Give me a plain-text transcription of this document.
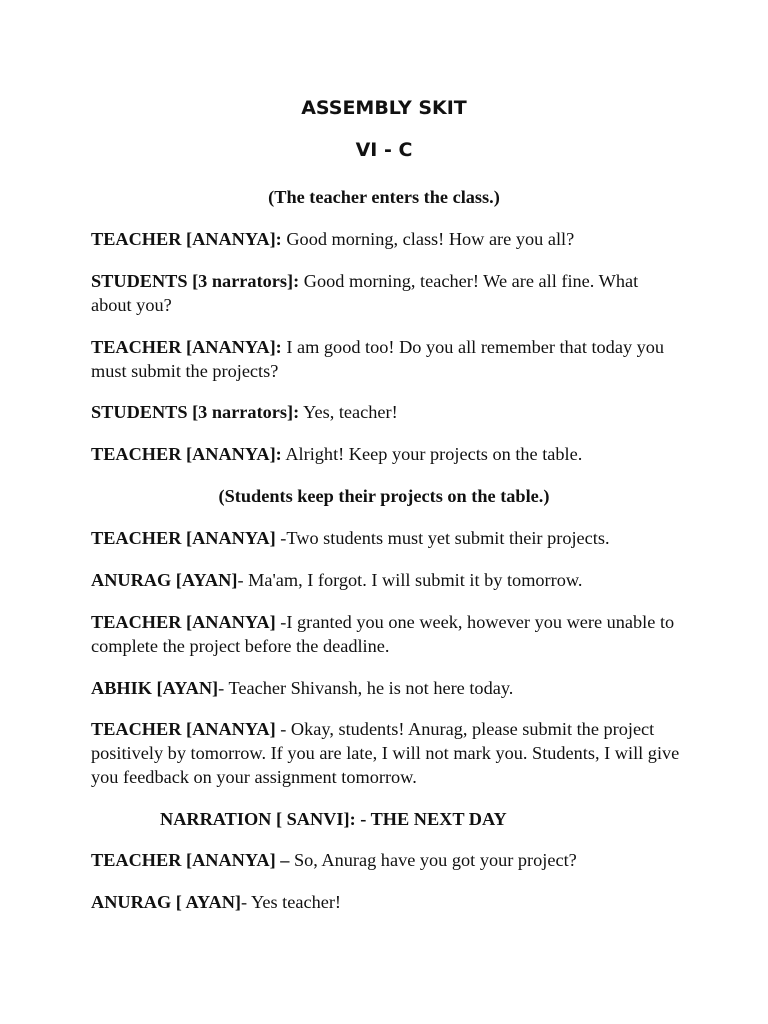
ASSEMBLY SKIT
VI - C
(The teacher enters the class.)
TEACHER [ANANYA]: Good morning, class! How are you all?
STUDENTS [3 narrators]: Good morning, teacher! We are all fine. What about you?
TEACHER [ANANYA]: I am good too! Do you all remember that today you must submit the projects?
STUDENTS [3 narrators]: Yes, teacher!
TEACHER [ANANYA]: Alright! Keep your projects on the table.
(Students keep their projects on the table.)
TEACHER [ANANYA] -Two students must yet submit their projects.
ANURAG [AYAN]- Ma'am, I forgot. I will submit it by tomorrow.
TEACHER [ANANYA] -I granted you one week, however you were unable to complete the project before the deadline.
ABHIK [AYAN]- Teacher Shivansh, he is not here today.
TEACHER [ANANYA] - Okay, students! Anurag, please submit the project positively by tomorrow. If you are late, I will not mark you. Students, I will give you feedback on your assignment tomorrow.
NARRATION [ SANVI]: - THE NEXT DAY
TEACHER [ANANYA] – So, Anurag have you got your project?
ANURAG [ AYAN]- Yes teacher!
